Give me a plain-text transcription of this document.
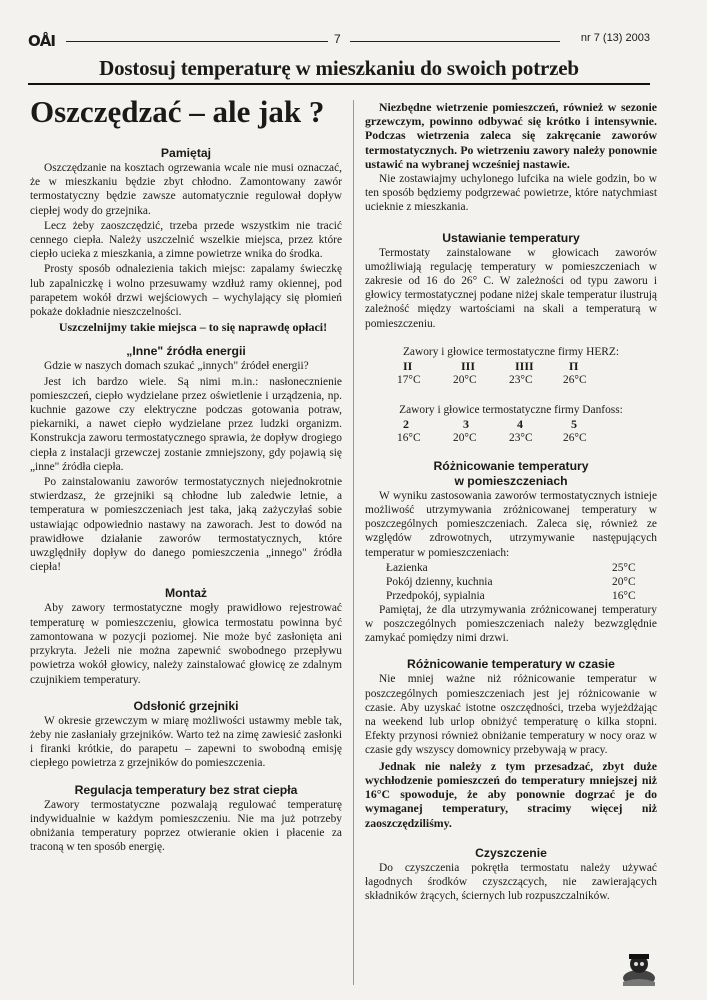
OÅI	7	nr 7 (13) 2003
Dostosuj temperaturę w mieszkaniu do swoich potrzeb
Oszczędzać – ale jak ?
Pamiętaj

Oszczędzanie na kosztach ogrzewania wcale nie musi oznaczać, że w mieszkaniu będzie zbyt chłodno. Zamontowany zawór termostatyczny będzie zawsze automatycznie regulował dopływ ciepłej wody do grzejnika.

Lecz żeby zaoszczędzić, trzeba przede wszystkim nie tracić cennego ciepła. Należy uszczelnić wszelkie miejsca, przez które ciepło ucieka z mieszkania, a zimne powietrze wnika do środka.

Prosty sposób odnalezienia takich miejsc: zapalamy świeczkę lub zapalniczkę i wolno przesuwamy wzdłuż ramy okiennej, pod parapetem wokół drzwi wejściowych – wychylający się płomień pokaże dokładnie nieszczelności.

Uszczelnijmy takie miejsca – to się naprawdę opłaci!

„Inne" źródła energii

Gdzie w naszych domach szukać „innych" źródeł energii?

Jest ich bardzo wiele. Są nimi m.in.: nasłonecznienie pomieszczeń, ciepło wydzielane przez oświetlenie i urządzenia, np. kuchnie gazowe czy elektryczne podczas gotowania potraw, piekarniki, a nawet ciepło wydzielane przez ludzki organizm. Konstrukcja zaworu termostatycznego sprawia, że dopływ drogiego ciepła z instalacji grzewczej zostanie zmniejszony, gdy pojawią się „inne" źródła ciepła.

Po zainstalowaniu zaworów termostatycznych niejednokrotnie stwierdzasz, że grzejniki są chłodne lub zaledwie letnie, a temperatura w pomieszczeniach jest taka, jaką zażyczyłaś sobie ustawiając odpowiednio nastawy na zaworach. Jest to dowód na prawidłowe działanie zaworów termostatycznych, które uwzględniły dopływ do danego pomieszczenia „innego" źródła ciepła!

Montaż

Aby zawory termostatyczne mogły prawidłowo rejestrować temperaturę w pomieszczeniu, głowica termostatu powinna być zamontowana w pozycji poziomej. Nie może być zasłonięta ani przykryta. Jeżeli nie można zapewnić swobodnego przepływu powietrza wokół głowicy, należy zainstalować głowicę ze zdalnym czujnikiem temperatury.

Odsłonić grzejniki

W okresie grzewczym w miarę możliwości ustawmy meble tak, żeby nie zasłaniały grzejników. Warto też na zimę zawiesić zasłonki i firanki krótkie, do parapetu – zapewni to swobodną emisję ciepłego powietrza z grzejników do pomieszczenia.

Regulacja temperatury bez strat ciepła

Zawory termostatyczne pozwalają regulować temperaturę indywidualnie w każdym pomieszczeniu. Nie ma już potrzeby obniżania temperatury poprzez otwieranie okien i płacenie za traconą w ten sposób energię.

Niezbędne wietrzenie pomieszczeń, również w sezonie grzewczym, powinno odbywać się krótko i intensywnie. Podczas wietrzenia zaleca się zakręcanie zaworów termostatycznych. Po wietrzeniu zawory należy ponownie ustawić na wybranej wcześniej nastawie.

Nie zostawiajmy uchylonego lufcika na wiele godzin, bo w ten sposób będziemy podgrzewać powietrze, które natychmiast ucieknie z mieszkania.

Ustawianie temperatury

Termostaty zainstalowane w głowicach zaworów umożliwiają regulację temperatury w pomieszczeniach w zakresie od 16 do 26° C. W zależności od typu zaworu i głowicy termostatycznej podane niżej skale temperatur ilustrują zależność między wartościami na skali a temperaturą w pomieszczeniu.

Zawory i głowice termostatyczne firmy HERZ:
II	III	IIII	Π
17°C	20°C	23°C	26°C
Zawory i głowice termostatyczne firmy Danfoss:
2	3	4	5
16°C	20°C	23°C	26°C
Różnicowanie temperatury
w pomieszczeniach

W wyniku zastosowania zaworów termostatycznych istnieje możliwość utrzymywania zróżnicowanej temperatury w poszczególnych pomieszczeniach. Zaleca się, również ze względów zdrowotnych, utrzymywanie następujących temperatur w pomieszczeniach:

Łazienka	25°C
Pokój dzienny, kuchnia	20°C
Przedpokój, sypialnia	16°C

Pamiętaj, że dla utrzymywania zróżnicowanej temperatury w poszczególnych pomieszczeniach należy bezwzględnie zamykać pomiędzy nimi drzwi.

Różnicowanie temperatury w czasie

Nie mniej ważne niż różnicowanie temperatur w poszczególnych pomieszczeniach jest jej różnicowanie w czasie. Aby uzyskać istotne oszczędności, trzeba wyjeżdżając na weekend lub urlop obniżyć temperaturę o kilka stopni. Efekty przynosi również obniżanie temperatury w nocy oraz w czasie gdy wszyscy domownicy przebywają w pracy.

Jednak nie należy z tym przesadzać, zbyt duże wychłodzenie pomieszczeń do temperatury mniejszej niż 16°C spowoduje, że aby ponownie dogrzać je do wymaganej temperatury, stracimy więcej niż zaoszczędziliśmy.

Czyszczenie

Do czyszczenia pokrętła termostatu należy używać łagodnych środków czyszczących, nie zawierających składników żrących, ściernych lub rozpuszczalników.
